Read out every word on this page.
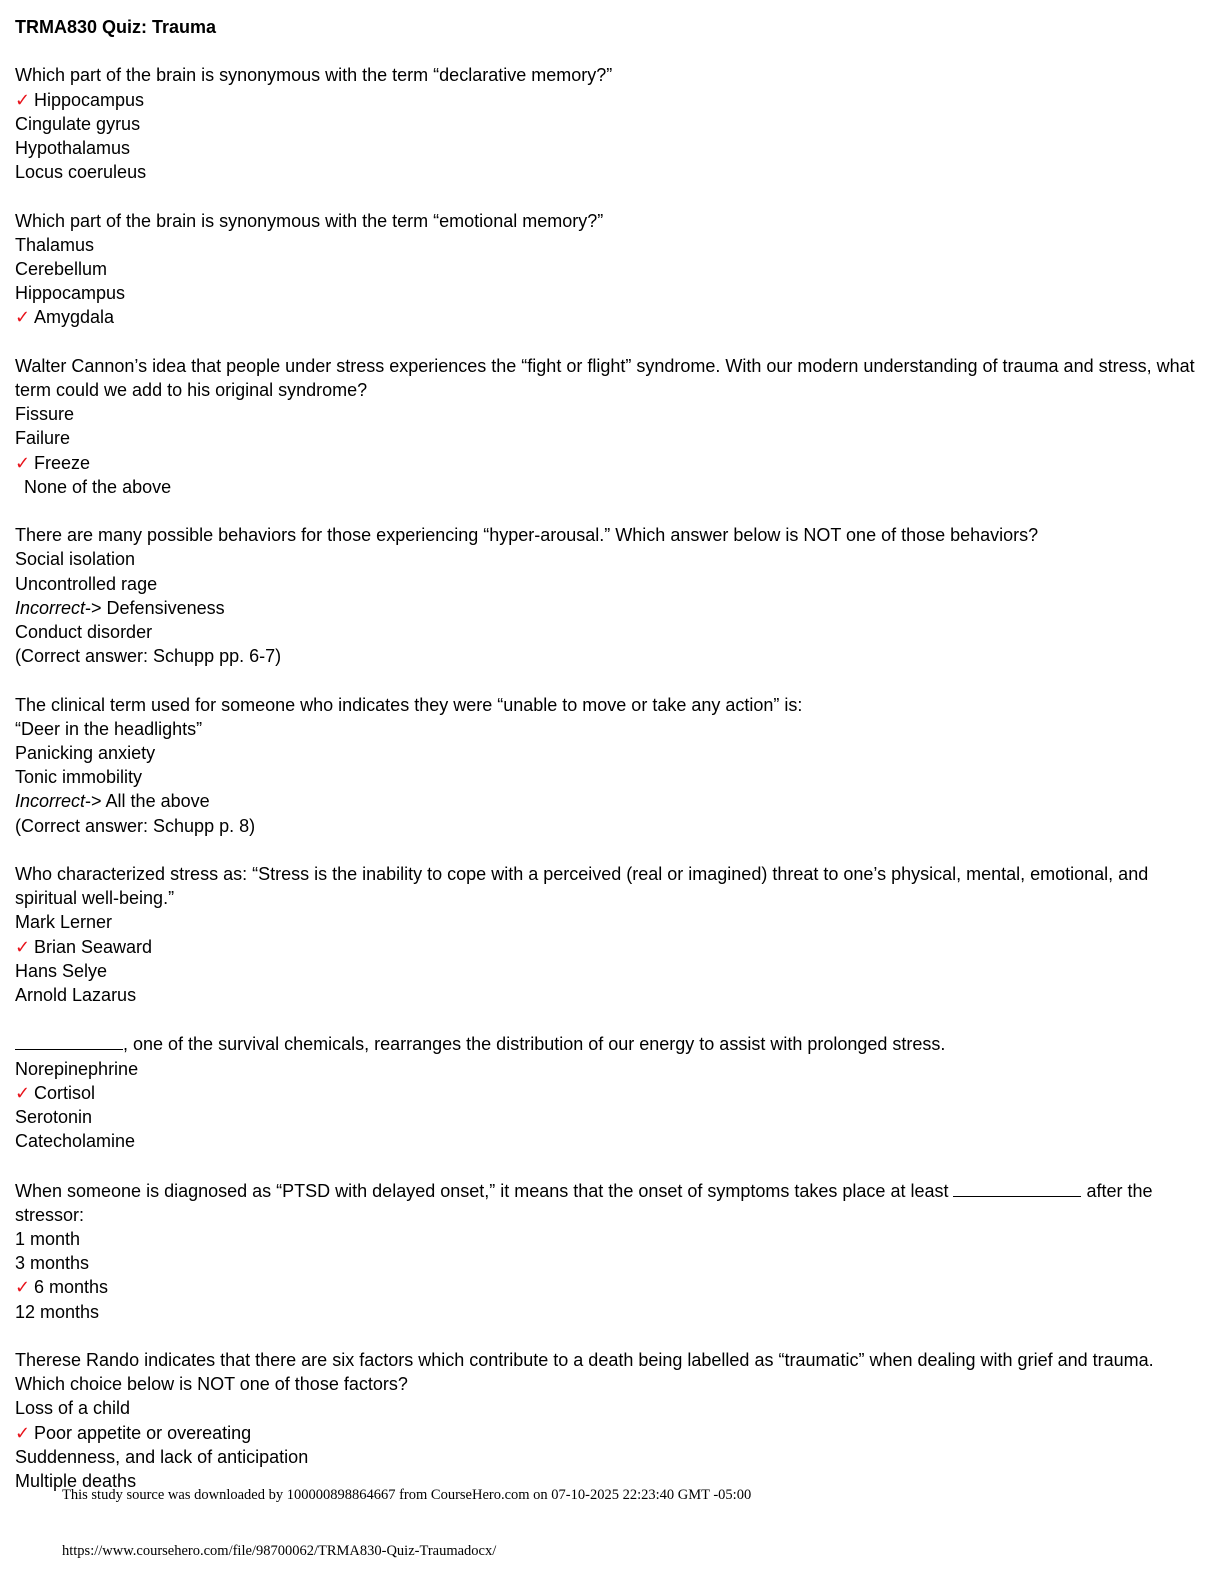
TRMA830 Quiz: Trauma
Which part of the brain is synonymous with the term “declarative memory?”
✓ Hippocampus
Cingulate gyrus
Hypothalamus
Locus coeruleus
Which part of the brain is synonymous with the term “emotional memory?”
Thalamus
Cerebellum
Hippocampus
✓ Amygdala
Walter Cannon’s idea that people under stress experiences the “fight or flight” syndrome. With our modern understanding of trauma and stress, what term could we add to his original syndrome?
Fissure
Failure
✓ Freeze
None of the above
There are many possible behaviors for those experiencing “hyper-arousal.” Which answer below is NOT one of those behaviors?
Social isolation
Uncontrolled rage
Incorrect-> Defensiveness
Conduct disorder
(Correct answer: Schupp pp. 6-7)
The clinical term used for someone who indicates they were “unable to move or take any action” is:
“Deer in the headlights”
Panicking anxiety
Tonic immobility
Incorrect-> All the above
(Correct answer: Schupp p. 8)
Who characterized stress as: “Stress is the inability to cope with a perceived (real or imagined) threat to one’s physical, mental, emotional, and spiritual well-being.”
Mark Lerner
✓ Brian Seaward
Hans Selye
Arnold Lazarus
, one of the survival chemicals, rearranges the distribution of our energy to assist with prolonged stress.
Norepinephrine
✓ Cortisol
Serotonin
Catecholamine
When someone is diagnosed as “PTSD with delayed onset,” it means that the onset of symptoms takes place at least	after the stressor:
1 month
3 months
✓ 6 months
12 months
Therese Rando indicates that there are six factors which contribute to a death being labelled as “traumatic” when dealing with grief and trauma. Which choice below is NOT one of those factors?
Loss of a child
✓ Poor appetite or overeating
Suddenness, and lack of anticipation
Multiple deaths
This study source was downloaded by 100000898864667 from CourseHero.com on 07-10-2025 22:23:40 GMT -05:00
https://www.coursehero.com/file/98700062/TRMA830-Quiz-Traumadocx/
